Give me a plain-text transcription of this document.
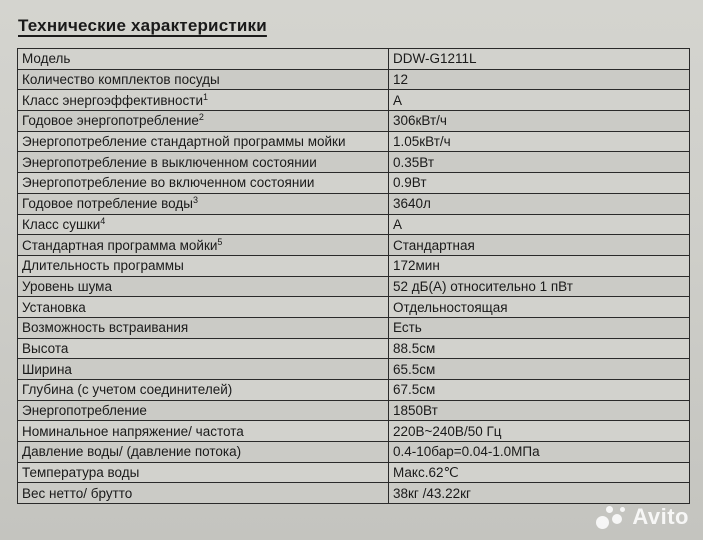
Технические характеристики
Модель	DDW-G1211L
Количество комплектов посуды	12
Класс энергоэффективности$^1$	A
Годовое энергопотребление$^2$	306кВт/ч
Энергопотребление стандартной программы мойки	1.05кВт/ч
Энергопотребление в выключенном состоянии	0.35Вт
Энергопотребление во включенном состоянии	0.9Вт
Годовое потребление воды$^3$	3640л
Класс сушки$^4$	A
Стандартная программа мойки$^5$	Стандартная
Длительность программы	172мин
Уровень шума	52 дБ(А) относительно 1 пВт
Установка	Отдельностоящая
Возможность встраивания	Есть
Высота	88.5см
Ширина	65.5см
Глубина (с учетом соединителей)	67.5см
Энергопотребление	1850Вт
Номинальное напряжение/ частота	220В~240В/50 Гц
Давление воды/ (давление потока)	0.4-10бар=0.04-1.0МПа
Температура воды	Макс.62℃
Вес нетто/ брутто	38кг /43.22кг
Avito
